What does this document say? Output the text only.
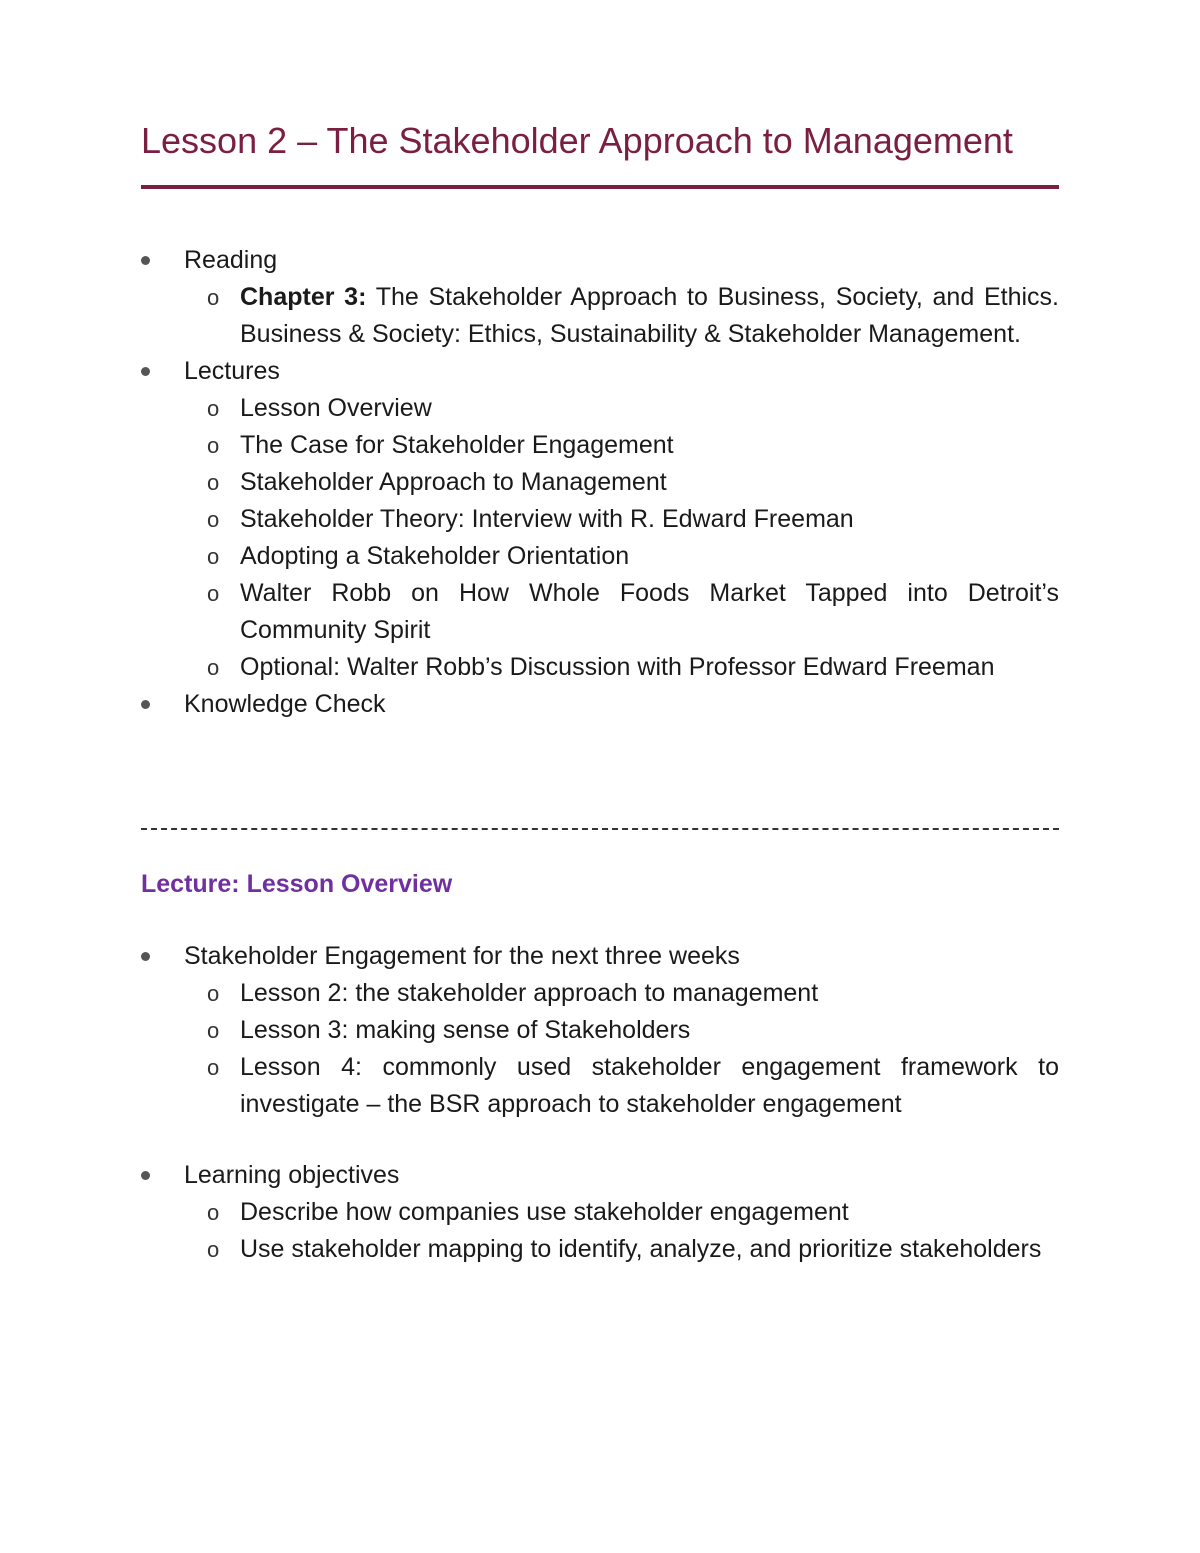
Lesson 2 – The Stakeholder Approach to Management
Reading
o Chapter 3: The Stakeholder Approach to Business, Society, and Ethics. Business & Society: Ethics, Sustainability & Stakeholder Management.
Lectures
o Lesson Overview
o The Case for Stakeholder Engagement
o Stakeholder Approach to Management
o Stakeholder Theory: Interview with R. Edward Freeman
o Adopting a Stakeholder Orientation
o Walter Robb on How Whole Foods Market Tapped into Detroit’s Community Spirit
o Optional: Walter Robb’s Discussion with Professor Edward Freeman
Knowledge Check
Lecture: Lesson Overview
Stakeholder Engagement for the next three weeks
o Lesson 2: the stakeholder approach to management
o Lesson 3: making sense of Stakeholders
o Lesson 4: commonly used stakeholder engagement framework to investigate – the BSR approach to stakeholder engagement
Learning objectives
o Describe how companies use stakeholder engagement
o Use stakeholder mapping to identify, analyze, and prioritize stakeholders
